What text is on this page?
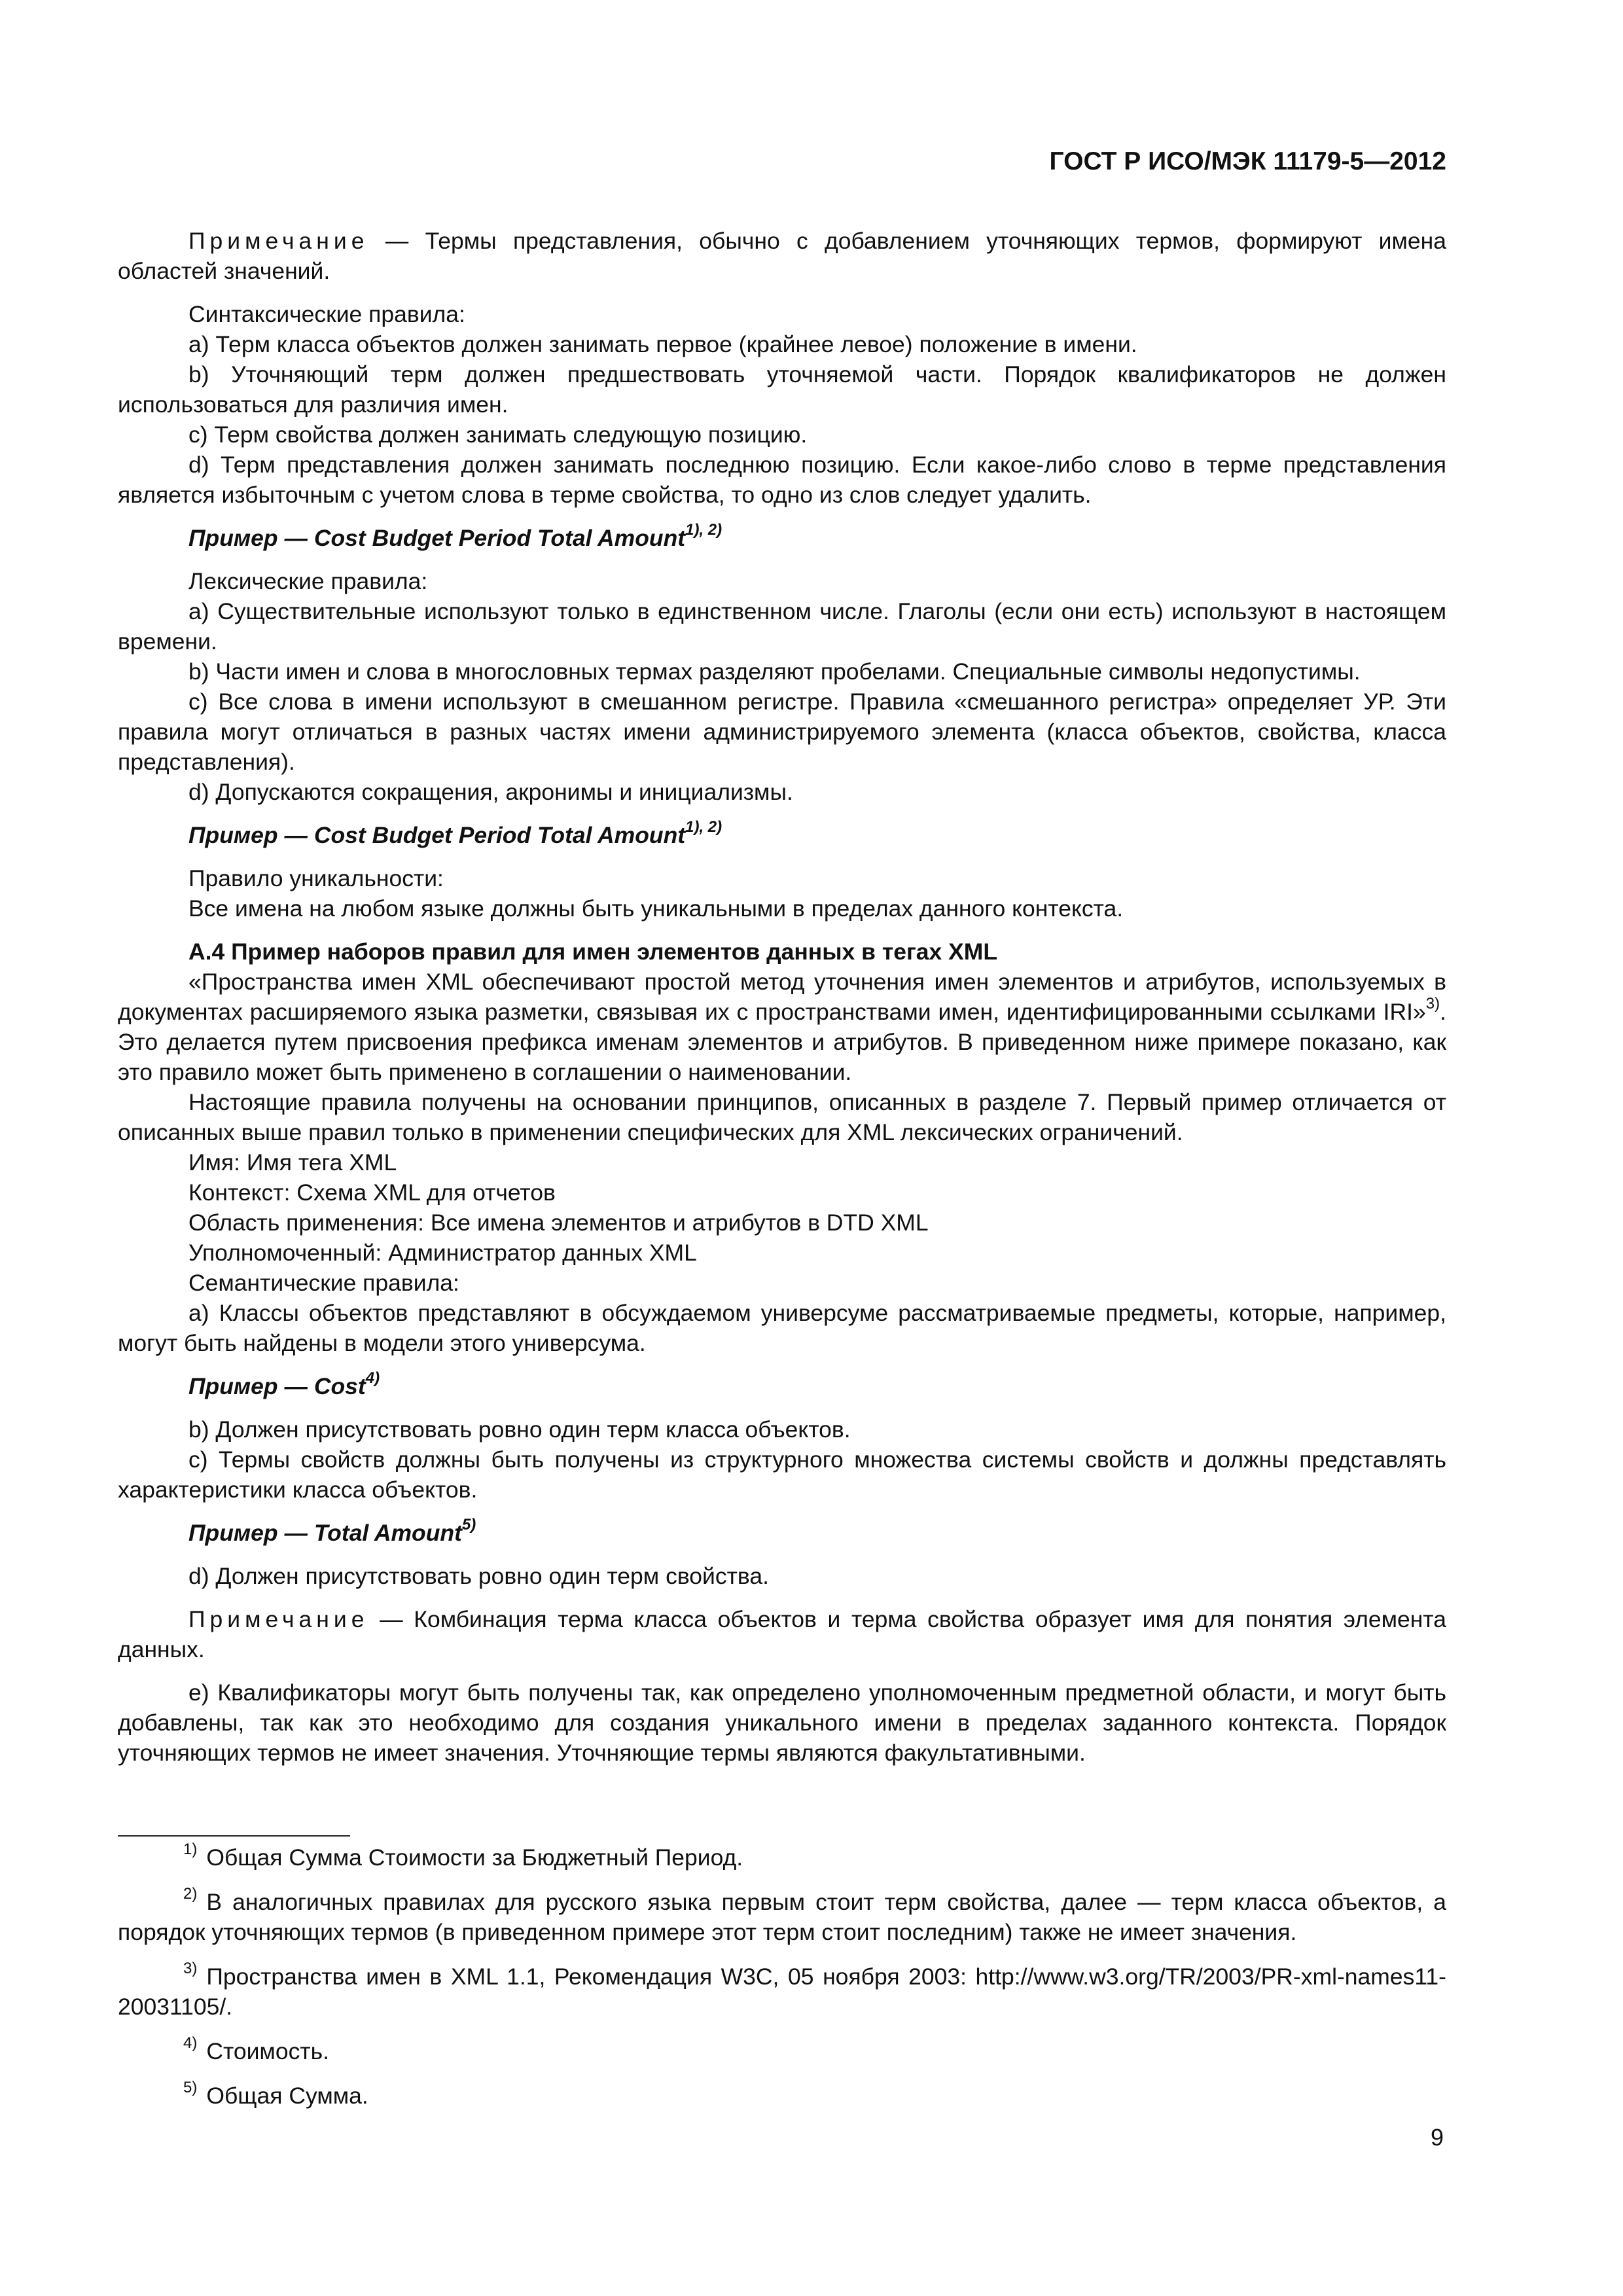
ГОСТ Р ИСО/МЭК 11179-5—2012

Примечание — Термы представления, обычно с добавлением уточняющих термов, формируют имена областей значений.

Синтаксические правила:

a) Терм класса объектов должен занимать первое (крайнее левое) положение в имени.

b) Уточняющий терм должен предшествовать уточняемой части. Порядок квалификаторов не должен использоваться для различия имен.

c) Терм свойства должен занимать следующую позицию.

d) Терм представления должен занимать последнюю позицию. Если какое-либо слово в терме представления является избыточным с учетом слова в терме свойства, то одно из слов следует удалить.

Пример — Cost Budget Period Total Amount$^{1), 2)}$

Лексические правила:

a) Существительные используют только в единственном числе. Глаголы (если они есть) используют в настоящем времени.

b) Части имен и слова в многословных термах разделяют пробелами. Специальные символы недопустимы.

c) Все слова в имени используют в смешанном регистре. Правила «смешанного регистра» определяет УР. Эти правила могут отличаться в разных частях имени администрируемого элемента (класса объектов, свойства, класса представления).

d) Допускаются сокращения, акронимы и инициализмы.

Пример — Cost Budget Period Total Amount$^{1), 2)}$

Правило уникальности:

Все имена на любом языке должны быть уникальными в пределах данного контекста.

А.4 Пример наборов правил для имен элементов данных в тегах XML

«Пространства имен XML обеспечивают простой метод уточнения имен элементов и атрибутов, используемых в документах расширяемого языка разметки, связывая их с пространствами имен, идентифицированными ссылками IRI»$^{3)}$. Это делается путем присвоения префикса именам элементов и атрибутов. В приведенном ниже примере показано, как это правило может быть применено в соглашении о наименовании.

Настоящие правила получены на основании принципов, описанных в разделе 7. Первый пример отличается от описанных выше правил только в применении специфических для XML лексических ограничений.

Имя: Имя тега XML

Контекст: Схема XML для отчетов

Область применения: Все имена элементов и атрибутов в DTD XML

Уполномоченный: Администратор данных XML

Семантические правила:

a) Классы объектов представляют в обсуждаемом универсуме рассматриваемые предметы, которые, например, могут быть найдены в модели этого универсума.

Пример — Cost$^{4)}$

b) Должен присутствовать ровно один терм класса объектов.

c) Термы свойств должны быть получены из структурного множества системы свойств и должны представлять характеристики класса объектов.

Пример — Total Amount$^{5)}$

d) Должен присутствовать ровно один терм свойства.

Примечание — Комбинация терма класса объектов и терма свойства образует имя для понятия элемента данных.

e) Квалификаторы могут быть получены так, как определено уполномоченным предметной области, и могут быть добавлены, так как это необходимо для создания уникального имени в пределах заданного контекста. Порядок уточняющих термов не имеет значения. Уточняющие термы являются факультативными.

$^{1)}$ Общая Сумма Стоимости за Бюджетный Период.

$^{2)}$ В аналогичных правилах для русского языка первым стоит терм свойства, далее — терм класса объектов, а порядок уточняющих термов (в приведенном примере этот терм стоит последним) также не имеет значения.

$^{3)}$ Пространства имен в XML 1.1, Рекомендация W3C, 05 ноября 2003: http://www.w3.org/TR/2003/PR-xml-names11-20031105/.

$^{4)}$ Стоимость.

$^{5)}$ Общая Сумма.

9
